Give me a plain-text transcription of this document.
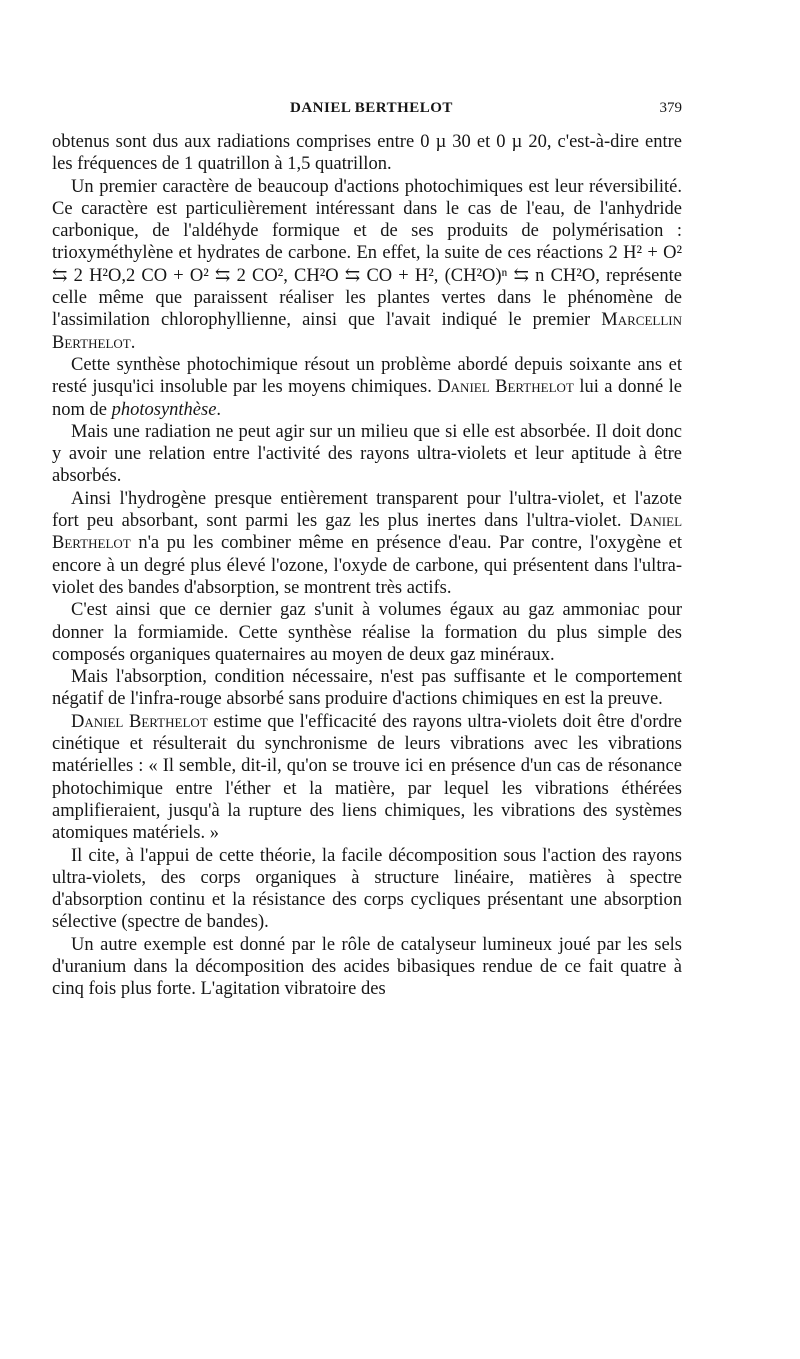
DANIEL BERTHELOT	379

obtenus sont dus aux radiations comprises entre 0 µ 30 et 0 µ 20, c'est-à-dire entre les fréquences de 1 quatrillon à 1,5 quatrillon.

Un premier caractère de beaucoup d'actions photochimiques est leur réversibilité. Ce caractère est particulièrement intéressant dans le cas de l'eau, de l'anhydride carbonique, de l'aldéhyde formique et de ses produits de polymérisation : trioxyméthylène et hydrates de carbone. En effet, la suite de ces réactions 2 H² + O² ⇆ 2 H²O,2 CO + O² ⇆ 2 CO², CH²O ⇆ CO + H², (CH²O)ⁿ ⇆ n CH²O, représente celle même que paraissent réaliser les plantes vertes dans le phénomène de l'assimilation chlorophyllienne, ainsi que l'avait indiqué le premier Marcellin Berthelot.

Cette synthèse photochimique résout un problème abordé depuis soixante ans et resté jusqu'ici insoluble par les moyens chimiques. Daniel Berthelot lui a donné le nom de photosynthèse.

Mais une radiation ne peut agir sur un milieu que si elle est absorbée. Il doit donc y avoir une relation entre l'activité des rayons ultra-violets et leur aptitude à être absorbés.

Ainsi l'hydrogène presque entièrement transparent pour l'ultra-violet, et l'azote fort peu absorbant, sont parmi les gaz les plus inertes dans l'ultra-violet. Daniel Berthelot n'a pu les combiner même en présence d'eau. Par contre, l'oxygène et encore à un degré plus élevé l'ozone, l'oxyde de carbone, qui présentent dans l'ultra-violet des bandes d'absorption, se montrent très actifs.

C'est ainsi que ce dernier gaz s'unit à volumes égaux au gaz ammoniac pour donner la formiamide. Cette synthèse réalise la formation du plus simple des composés organiques quaternaires au moyen de deux gaz minéraux.

Mais l'absorption, condition nécessaire, n'est pas suffisante et le comportement négatif de l'infra-rouge absorbé sans produire d'actions chimiques en est la preuve.

Daniel Berthelot estime que l'efficacité des rayons ultra-violets doit être d'ordre cinétique et résulterait du synchronisme de leurs vibrations avec les vibrations matérielles : « Il semble, dit-il, qu'on se trouve ici en présence d'un cas de résonance photochimique entre l'éther et la matière, par lequel les vibrations éthérées amplifieraient, jusqu'à la rupture des liens chimiques, les vibrations des systèmes atomiques matériels. »

Il cite, à l'appui de cette théorie, la facile décomposition sous l'action des rayons ultra-violets, des corps organiques à structure linéaire, matières à spectre d'absorption continu et la résistance des corps cycliques présentant une absorption sélective (spectre de bandes).

Un autre exemple est donné par le rôle de catalyseur lumineux joué par les sels d'uranium dans la décomposition des acides bibasiques rendue de ce fait quatre à cinq fois plus forte. L'agitation vibratoire des
